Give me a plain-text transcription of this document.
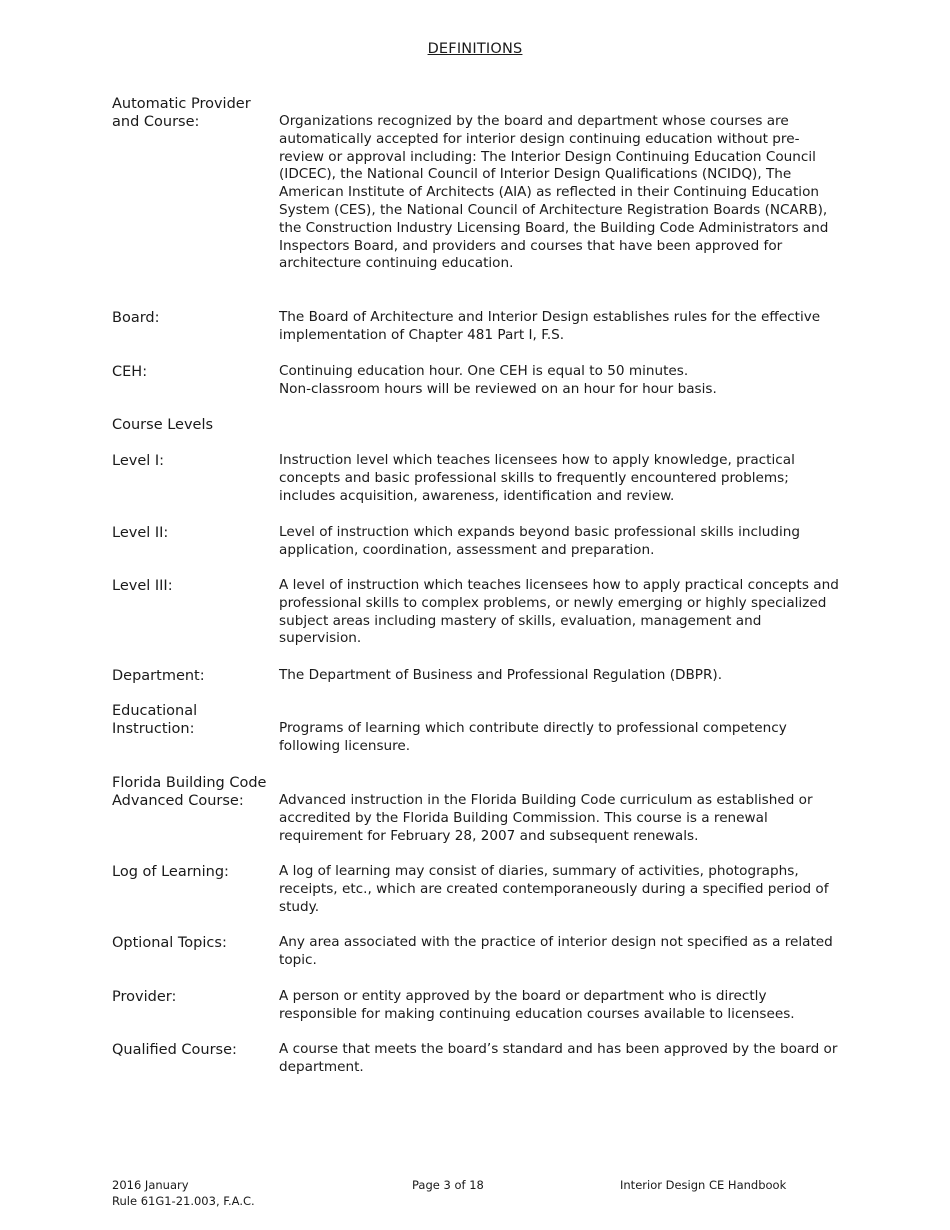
DEFINITIONS
Automatic Provider
and Course:	Organizations recognized by the board and department whose courses are automatically accepted for interior design continuing education without pre-review or approval including: The Interior Design Continuing Education Council (IDCEC), the National Council of Interior Design Qualifications (NCIDQ), The American Institute of Architects (AIA) as reflected in their Continuing Education System (CES), the National Council of Architecture Registration Boards (NCARB), the Construction Industry Licensing Board, the Building Code Administrators and Inspectors Board, and providers and courses that have been approved for architecture continuing education.
Board:	The Board of Architecture and Interior Design establishes rules for the effective implementation of Chapter 481 Part I, F.S.
CEH:	Continuing education hour. One CEH is equal to 50 minutes.
Non-classroom hours will be reviewed on an hour for hour basis.
Course Levels
Level I:	Instruction level which teaches licensees how to apply knowledge, practical concepts and basic professional skills to frequently encountered problems; includes acquisition, awareness, identification and review.
Level II:	Level of instruction which expands beyond basic professional skills including application, coordination, assessment and preparation.
Level III:	A level of instruction which teaches licensees how to apply practical concepts and professional skills to complex problems, or newly emerging or highly specialized subject areas including mastery of skills, evaluation, management and supervision.
Department:	The Department of Business and Professional Regulation (DBPR).
Educational
Instruction:	Programs of learning which contribute directly to professional competency following licensure.
Florida Building Code
Advanced Course:	Advanced instruction in the Florida Building Code curriculum as established or accredited by the Florida Building Commission. This course is a renewal requirement for February 28, 2007 and subsequent renewals.
Log of Learning:	A log of learning may consist of diaries, summary of activities, photographs, receipts, etc., which are created contemporaneously during a specified period of study.
Optional Topics:	Any area associated with the practice of interior design not specified as a related topic.
Provider:	A person or entity approved by the board or department who is directly responsible for making continuing education courses available to licensees.
Qualified Course:	A course that meets the board’s standard and has been approved by the board or department.
2016 January
Rule 61G1-21.003, F.A.C.
Page 3 of 18	Interior Design CE Handbook
